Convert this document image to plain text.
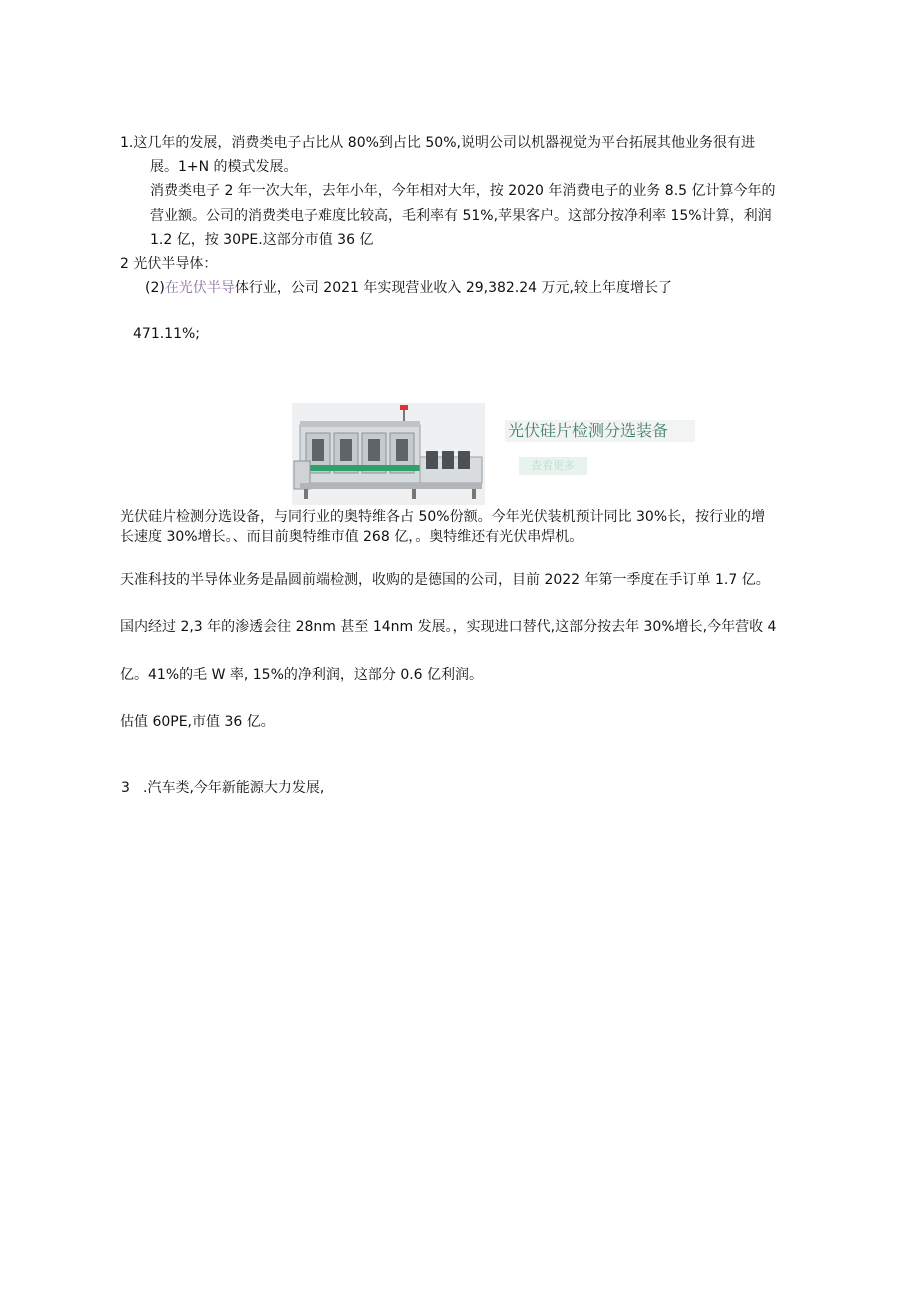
1.这几年的发展，消费类电子占比从 80%到占比 50%,说明公司以机器视觉为平台拓展其他业务很有进
展。1+N 的模式发展。
消费类电子 2 年一次大年，去年小年，今年相对大年，按 2020 年消费电子的业务 8.5 亿计算今年的
营业额。公司的消费类电子难度比较高，毛利率有 51%,苹果客户。这部分按净利率 15%计算，利润
1.2 亿，按 30PE.这部分市值 36 亿
2 光伏半导体：
(2)在光伏半导体行业，公司 2021 年实现营业收入 29,382.24 万元,较上年度增长了
471.11%;
光伏硅片检测分选装备
查看更多
光伏硅片检测分选设备，与同行业的奥特维各占 50%份额。今年光伏装机预计同比 30%长，按行业的增
长速度 30%增长。、而目前奥特维市值 268 亿，。奥特维还有光伏串焊机。
天准科技的半导体业务是晶圆前端检测，收购的是德国的公司，目前 2022 年第一季度在手订单 1.7 亿。
国内经过 2,3 年的渗透会往 28nm 甚至 14nm 发展。，实现进口替代,这部分按去年 30%增长,今年营收 4
亿。41%的毛 W 率, 15%的净利润，这部分 0.6 亿利润。
估值 60PE,市值 36 亿。
3 .汽车类,今年新能源大力发展,
